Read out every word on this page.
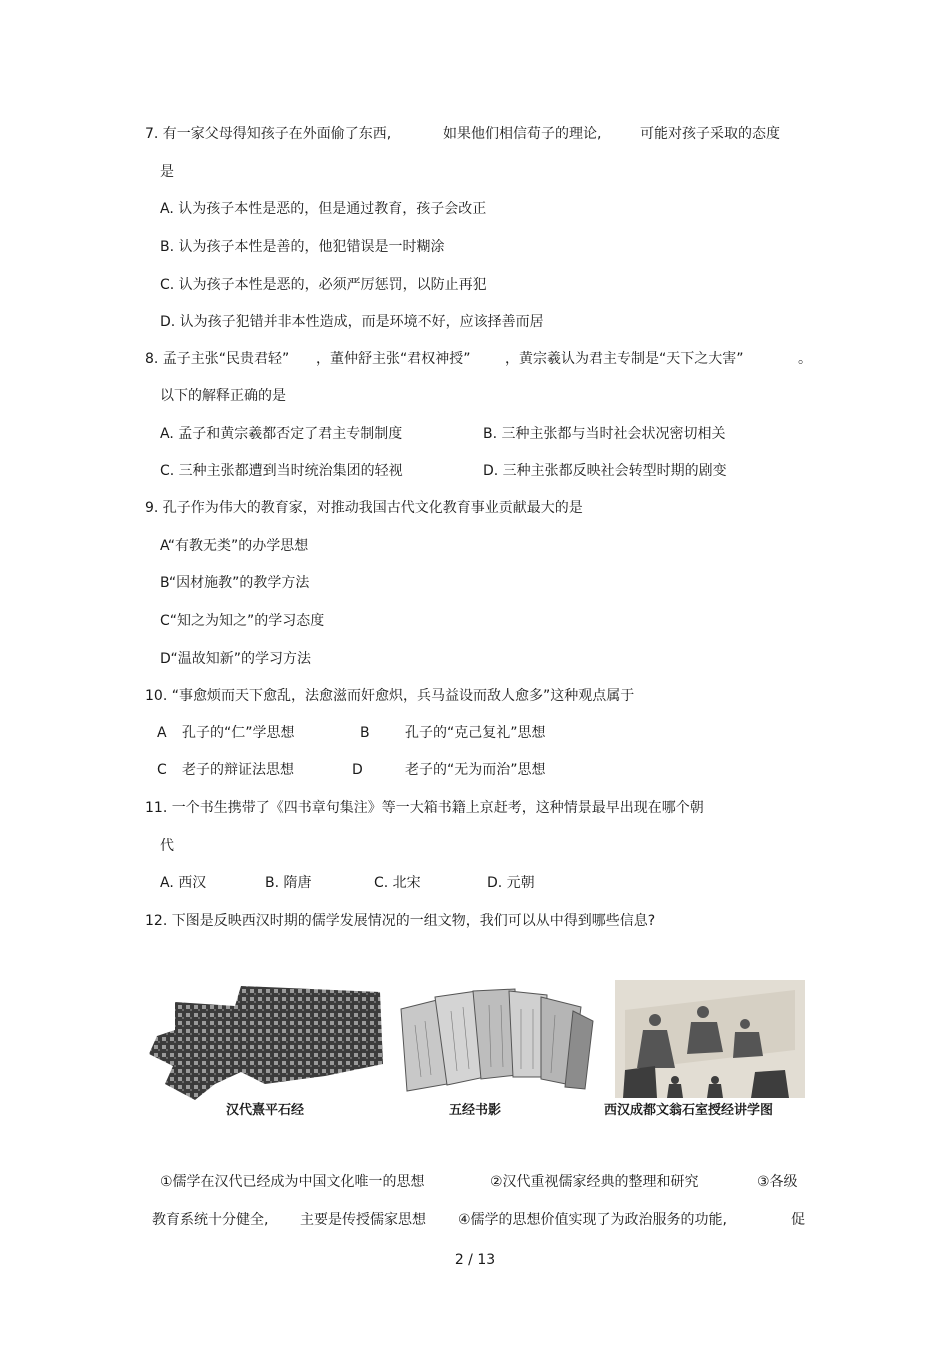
7. 有一家父母得知孩子在外面偷了东西,	如果他们相信荀子的理论,	可能对孩子采取的态度
是
A. 认为孩子本性是恶的，但是通过教育，孩子会改正
B. 认为孩子本性是善的，他犯错误是一时糊涂
C. 认为孩子本性是恶的，必须严厉惩罚，以防止再犯
D. 认为孩子犯错并非本性造成，而是环境不好，应该择善而居
8. 孟子主张“民贵君轻” ，董仲舒主张“君权神授” ，黄宗羲认为君主专制是“天下之大害”	。
以下的解释正确的是
A. 孟子和黄宗羲都否定了君主专制制度	B. 三种主张都与当时社会状况密切相关
C. 三种主张都遭到当时统治集团的轻视	D. 三种主张都反映社会转型时期的剧变
9. 孔子作为伟大的教育家，对推动我国古代文化教育事业贡献最大的是
A“有教无类”的办学思想
B“因材施教”的教学方法
C“知之为知之”的学习态度
D“温故知新”的学习方法
10. “事愈烦而天下愈乱，法愈滋而奸愈炽，兵马益设而敌人愈多”这种观点属于
A 孔子的“仁”学思想	B	孔子的“克己复礼”思想
C 老子的辩证法思想	D	老子的“无为而治”思想
11. 一个书生携带了《四书章句集注》等一大箱书籍上京赶考，这种情景最早出现在哪个朝
代
A. 西汉	B. 隋唐	C. 北宋	D. 元朝
12. 下图是反映西汉时期的儒学发展情况的一组文物，我们可以从中得到哪些信息?
汉代熹平石经	五经书影	西汉成都文翁石室授经讲学图
①儒学在汉代已经成为中国文化唯一的思想	②汉代重视儒家经典的整理和研究	③各级
教育系统十分健全, 主要是传授儒家思想 ④儒学的思想价值实现了为政治服务的功能,	促
2 / 13
